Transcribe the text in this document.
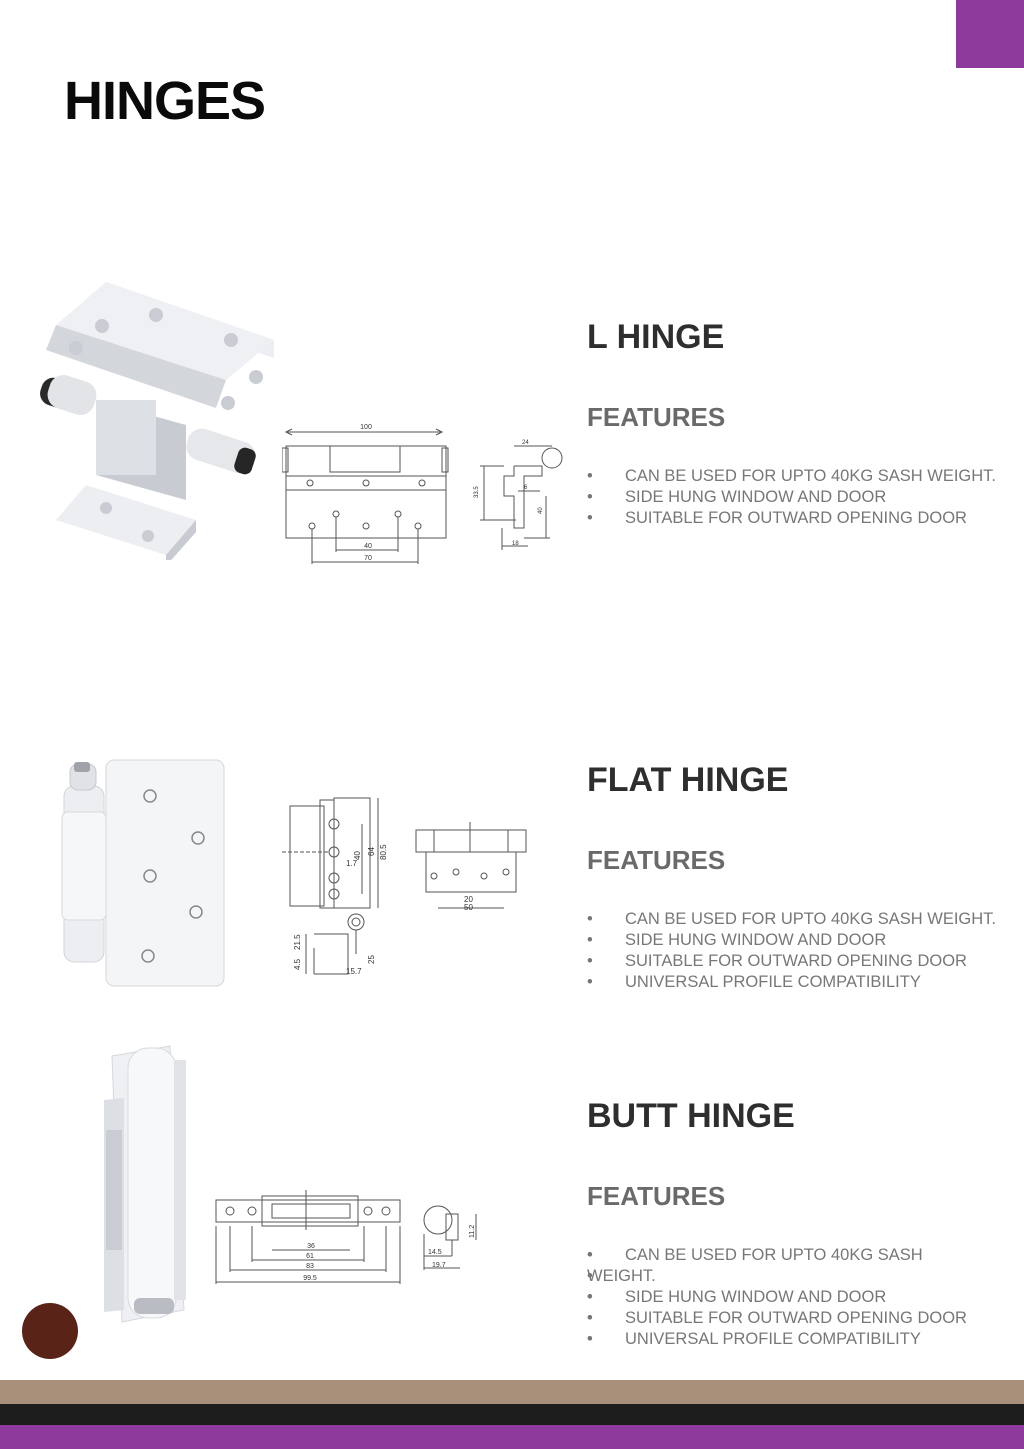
HINGES
100
40
70
24
6
33.5
40
18
L HINGE
FEATURES
• CAN BE USED FOR UPTO 40KG SASH WEIGHT.
• SIDE HUNG WINDOW AND DOOR
• SUITABLE FOR OUTWARD OPENING DOOR
40 64 80.5
1.7
20
50
21.5
4.5
15.7
25
FLAT HINGE
FEATURES
• CAN BE USED FOR UPTO 40KG SASH WEIGHT.
• SIDE HUNG WINDOW AND DOOR
• SUITABLE FOR OUTWARD OPENING DOOR
• UNIVERSAL PROFILE COMPATIBILITY
36
61
83
99.5
14.5
19.7
11.2
BUTT HINGE
FEATURES
• • CAN BE USED FOR UPTO 40KG SASH
• WEIGHT.
• • SIDE HUNG WINDOW AND DOOR
• • SUITABLE FOR OUTWARD OPENING DOOR
• • UNIVERSAL PROFILE COMPATIBILITY
